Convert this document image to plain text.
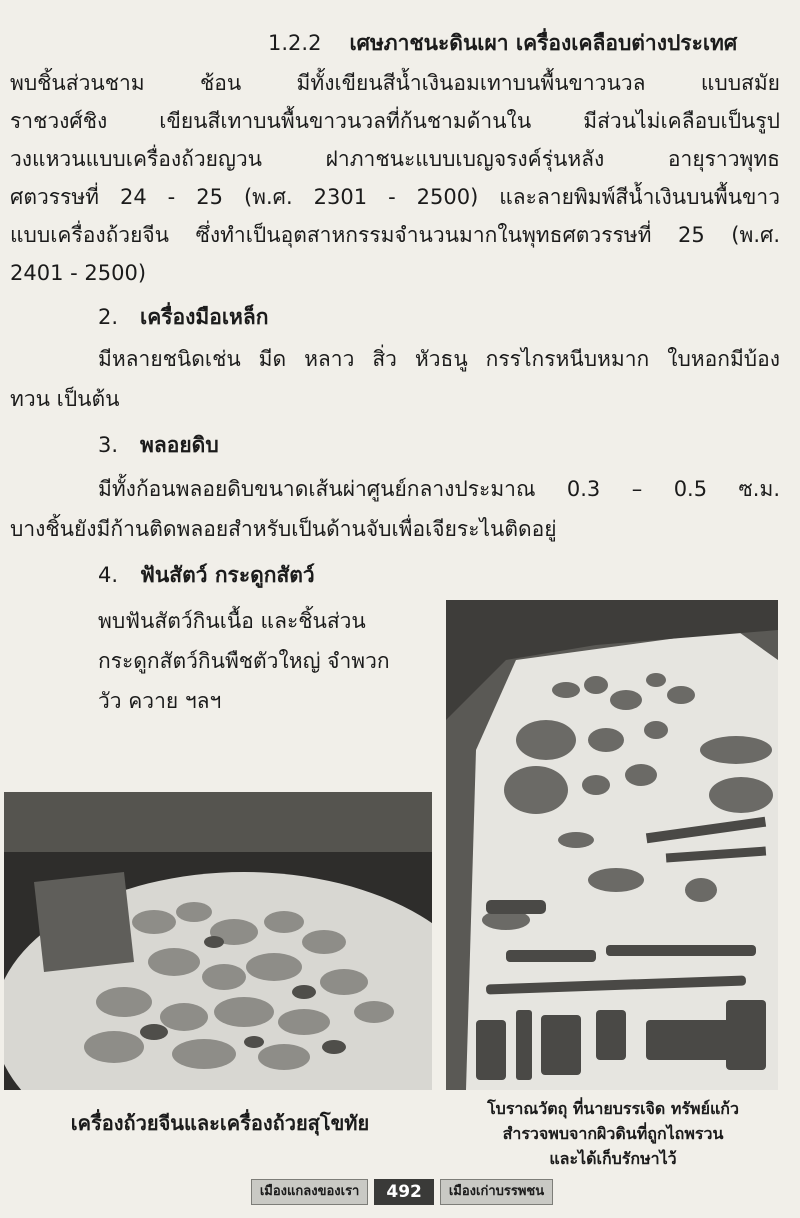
1.2.2 เศษภาชนะดินเผา เครื่องเคลือบต่างประเทศ
พบชิ้นส่วนชาม ช้อน มีทั้งเขียนสีน้ำเงินอมเทาบนพื้นขาวนวล แบบสมัย
ราชวงศ์ชิง เขียนสีเทาบนพื้นขาวนวลที่ก้นชามด้านใน มีส่วนไม่เคลือบเป็นรูป
วงแหวนแบบเครื่องถ้วยญวน ฝาภาชนะแบบเบญจรงค์รุ่นหลัง อายุราวพุทธ
ศตวรรษที่ 24 - 25 (พ.ศ. 2301 - 2500) และลายพิมพ์สีน้ำเงินบนพื้นขาว
แบบเครื่องถ้วยจีน ซึ่งทำเป็นอุตสาหกรรมจำนวนมากในพุทธศตวรรษที่ 25 (พ.ศ.
2401 - 2500)
2. เครื่องมือเหล็ก
มีหลายชนิดเช่น มีด หลาว สิ่ว หัวธนู กรรไกรหนีบหมาก ใบหอกมีบ้อง
ทวน เป็นต้น
3. พลอยดิบ
มีทั้งก้อนพลอยดิบขนาดเส้นผ่าศูนย์กลางประมาณ 0.3 – 0.5 ซ.ม.
บางชิ้นยังมีก้านติดพลอยสำหรับเป็นด้านจับเพื่อเจียระไนติดอยู่
4. ฟันสัตว์ กระดูกสัตว์
พบฟันสัตว์กินเนื้อ และชิ้นส่วน
กระดูกสัตว์กินพืชตัวใหญ่ จำพวก
วัว ควาย ฯลฯ
เครื่องถ้วยจีนและเครื่องถ้วยสุโขทัย
โบราณวัตถุ ที่นายบรรเจิด ทรัพย์แก้ว
สำรวจพบจากผิวดินที่ถูกไถพรวน
และได้เก็บรักษาไว้
เมืองแกลงของเรา	492	เมืองเก่าบรรพชน
